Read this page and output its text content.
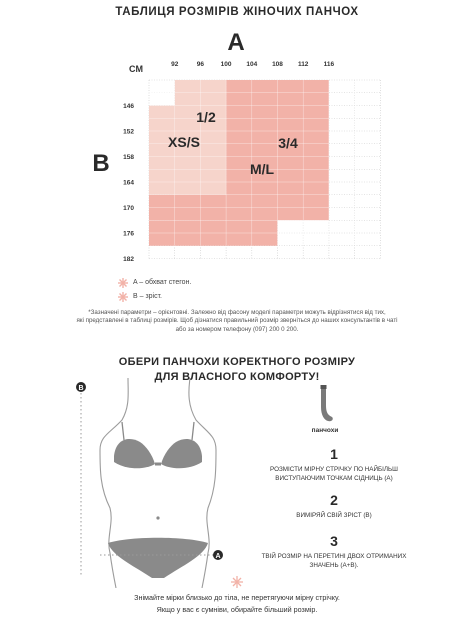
ТАБЛИЦЯ РОЗМІРІВ ЖІНОЧИХ ПАНЧОХ
A
B
CM	92	96	100 104 108 112 116
146
152
158
164
170
176
182
1/2
XS/S	3/4
M/L
A – обхват стегон.
B – зріст.
*Зазначені параметри – орієнтовні. Залежно від фасону моделі параметри можуть відрізнятися від тих,
які представлені в таблиці розмірів. Щоб дізнатися правильний розмір зверніться до наших консультантів в чаті
або за номером телефону (097) 200 0 200.
ОБЕРИ ПАНЧОХИ КОРЕКТНОГО РОЗМІРУ
ДЛЯ ВЛАСНОГО КОМФОРТУ!
B
A
панчохи
1
РОЗМІСТИ МІРНУ СТРІЧКУ ПО НАЙБІЛЬШ
ВИСТУПАЮЧИМ ТОЧКАМ СІДНИЦЬ (A)
2
ВИМІРЯЙ СВІЙ ЗРІСТ (B)
3
ТВІЙ РОЗМІР НА ПЕРЕТИНІ ДВОХ ОТРИМАНИХ
ЗНАЧЕНЬ (A+B).
Знімайте мірки близько до тіла, не перетягуючи мірну стрічку.
Якщо у вас є сумніви, обирайте більший розмір.
